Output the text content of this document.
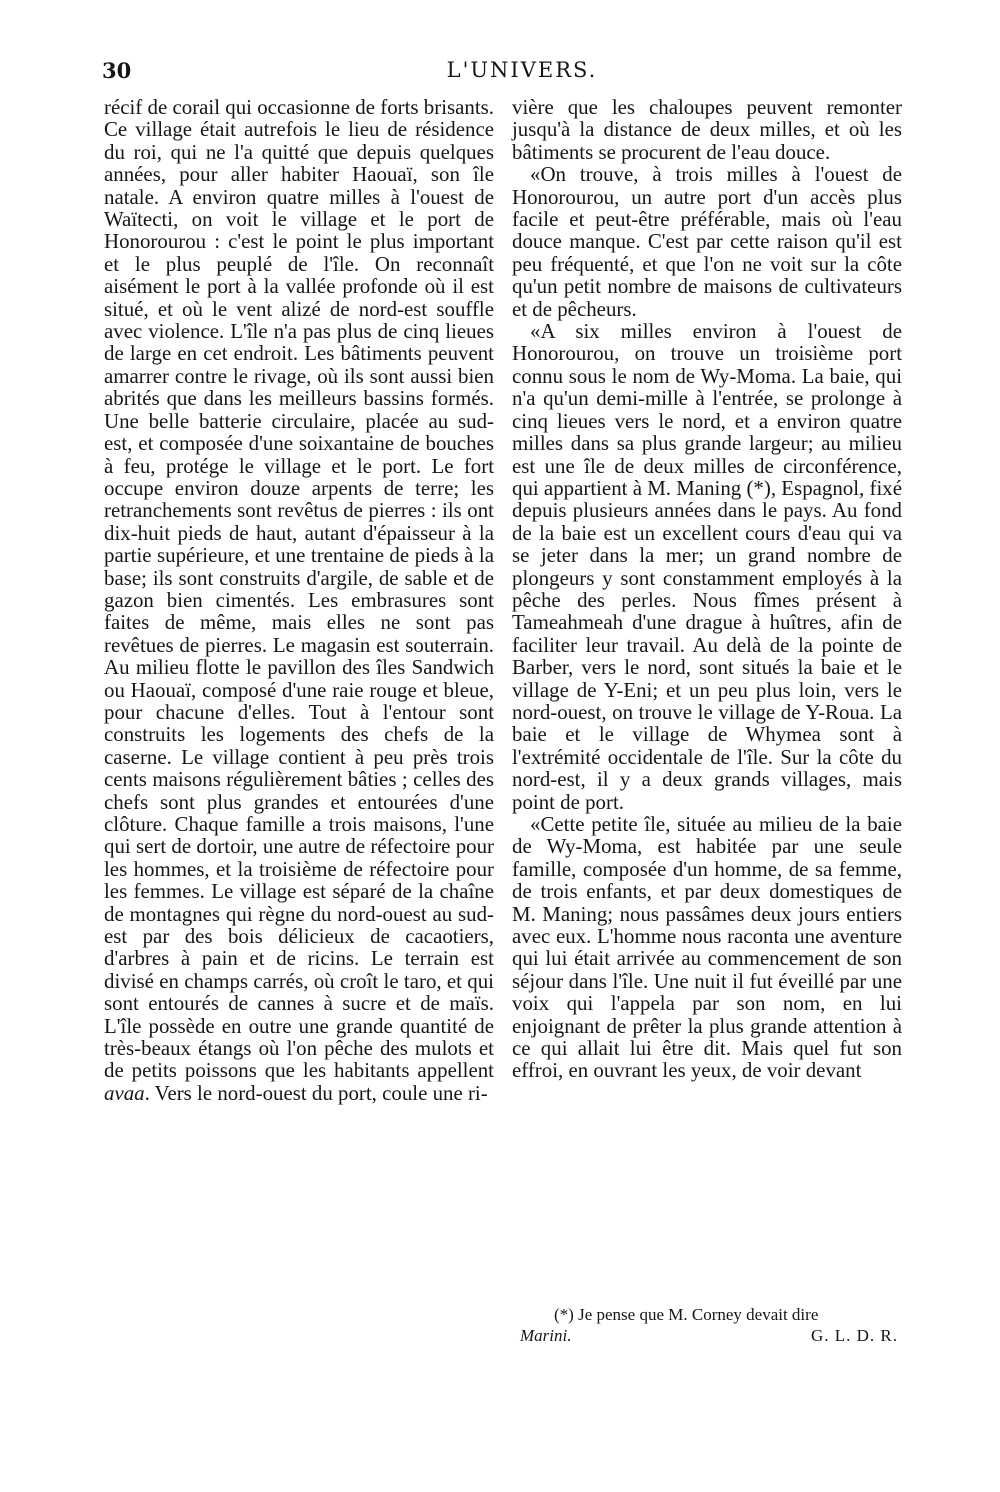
30	L'UNIVERS.

récif de corail qui occasionne de forts brisants. Ce village était autrefois le lieu de résidence du roi, qui ne l'a quitté que depuis quelques années, pour aller habiter Haouaï, son île natale. A environ quatre milles à l'ouest de Waïtecti, on voit le village et le port de Honorourou : c'est le point le plus important et le plus peuplé de l'île. On reconnaît aisément le port à la vallée profonde où il est situé, et où le vent alizé de nord-est souffle avec violence. L'île n'a pas plus de cinq lieues de large en cet endroit. Les bâtiments peuvent amarrer contre le rivage, où ils sont aussi bien abrités que dans les meilleurs bassins formés. Une belle batterie circulaire, placée au sud-est, et composée d'une soixantaine de bouches à feu, protége le village et le port. Le fort occupe environ douze arpents de terre; les retranchements sont revêtus de pierres : ils ont dix-huit pieds de haut, autant d'épaisseur à la partie supérieure, et une trentaine de pieds à la base; ils sont construits d'argile, de sable et de gazon bien cimentés. Les embrasures sont faites de même, mais elles ne sont pas revêtues de pierres. Le magasin est souterrain. Au milieu flotte le pavillon des îles Sandwich ou Haouaï, composé d'une raie rouge et bleue, pour chacune d'elles. Tout à l'entour sont construits les logements des chefs de la caserne. Le village contient à peu près trois cents maisons régulièrement bâties ; celles des chefs sont plus grandes et entourées d'une clôture. Chaque famille a trois maisons, l'une qui sert de dortoir, une autre de réfectoire pour les hommes, et la troisième de réfectoire pour les femmes. Le village est séparé de la chaîne de montagnes qui règne du nord-ouest au sud-est par des bois délicieux de cacaotiers, d'arbres à pain et de ricins. Le terrain est divisé en champs carrés, où croît le taro, et qui sont entourés de cannes à sucre et de maïs. L'île possède en outre une grande quantité de très-beaux étangs où l'on pêche des mulots et de petits poissons que les habitants appellent avaa. Vers le nord-ouest du port, coule une ri-

vière que les chaloupes peuvent remonter jusqu'à la distance de deux milles, et où les bâtiments se procurent de l'eau douce.

«On trouve, à trois milles à l'ouest de Honorourou, un autre port d'un accès plus facile et peut-être préférable, mais où l'eau douce manque. C'est par cette raison qu'il est peu fréquenté, et que l'on ne voit sur la côte qu'un petit nombre de maisons de cultivateurs et de pêcheurs.

«A six milles environ à l'ouest de Honorourou, on trouve un troisième port connu sous le nom de Wy-Moma. La baie, qui n'a qu'un demi-mille à l'entrée, se prolonge à cinq lieues vers le nord, et a environ quatre milles dans sa plus grande largeur; au milieu est une île de deux milles de circonférence, qui appartient à M. Maning (*), Espagnol, fixé depuis plusieurs années dans le pays. Au fond de la baie est un excellent cours d'eau qui va se jeter dans la mer; un grand nombre de plongeurs y sont constamment employés à la pêche des perles. Nous fîmes présent à Tameahmeah d'une drague à huîtres, afin de faciliter leur travail. Au delà de la pointe de Barber, vers le nord, sont situés la baie et le village de Y-Eni; et un peu plus loin, vers le nord-ouest, on trouve le village de Y-Roua. La baie et le village de Whymea sont à l'extrémité occidentale de l'île. Sur la côte du nord-est, il y a deux grands villages, mais point de port.

«Cette petite île, située au milieu de la baie de Wy-Moma, est habitée par une seule famille, composée d'un homme, de sa femme, de trois enfants, et par deux domestiques de M. Maning; nous passâmes deux jours entiers avec eux. L'homme nous raconta une aventure qui lui était arrivée au commencement de son séjour dans l'île. Une nuit il fut éveillé par une voix qui l'appela par son nom, en lui enjoignant de prêter la plus grande attention à ce qui allait lui être dit. Mais quel fut son effroi, en ouvrant les yeux, de voir devant

(*) Je pense que M. Corney devait dire
Marini.	G. L. D. R.
